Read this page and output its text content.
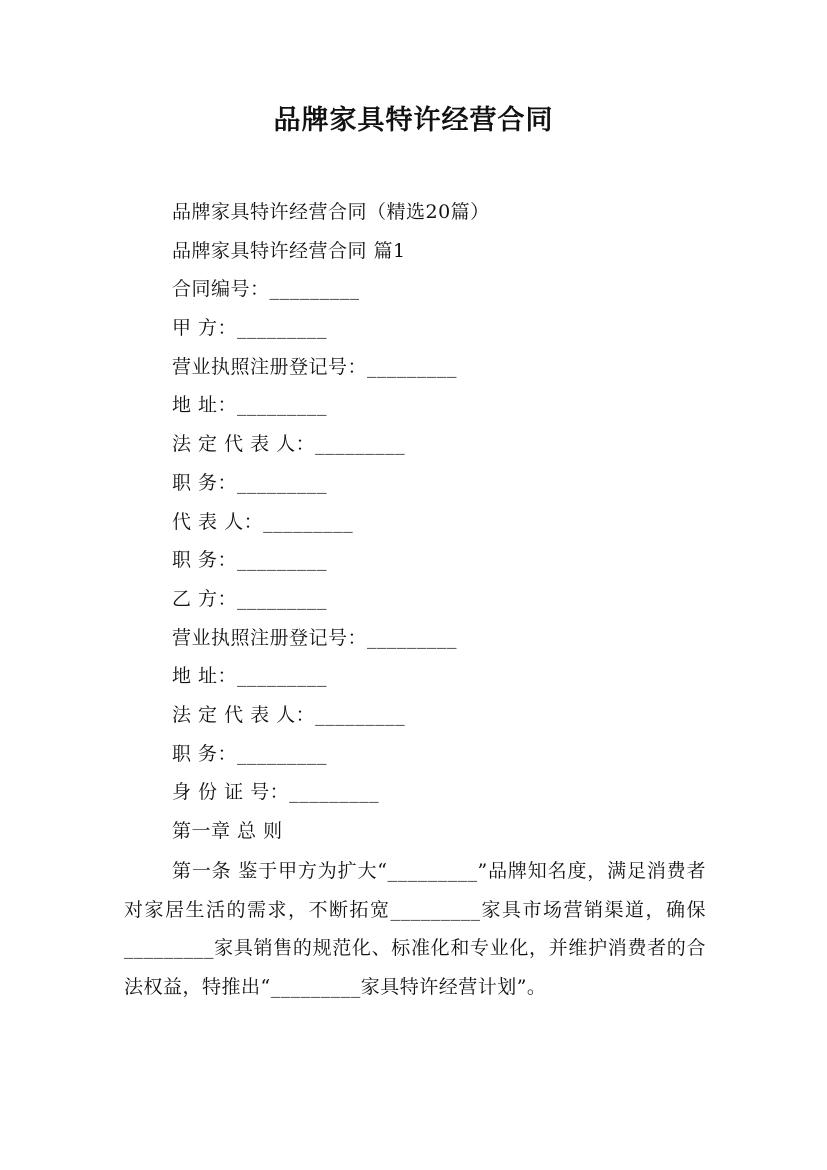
品牌家具特许经营合同
品牌家具特许经营合同（精选20篇）
品牌家具特许经营合同 篇1
合同编号：_________
甲 方：_________
营业执照注册登记号：_________
地 址：_________
法 定 代 表 人：_________
职 务：_________
代 表 人：_________
职 务：_________
乙 方：_________
营业执照注册登记号：_________
地 址：_________
法 定 代 表 人：_________
职 务：_________
身 份 证 号：_________
第一章 总 则
第一条 鉴于甲方为扩大“_________”品牌知名度，满足消费者对家居生活的需求，不断拓宽_________家具市场营销渠道，确保_________家具销售的规范化、标准化和专业化，并维护消费者的合法权益，特推出“_________家具特许经营计划”。
